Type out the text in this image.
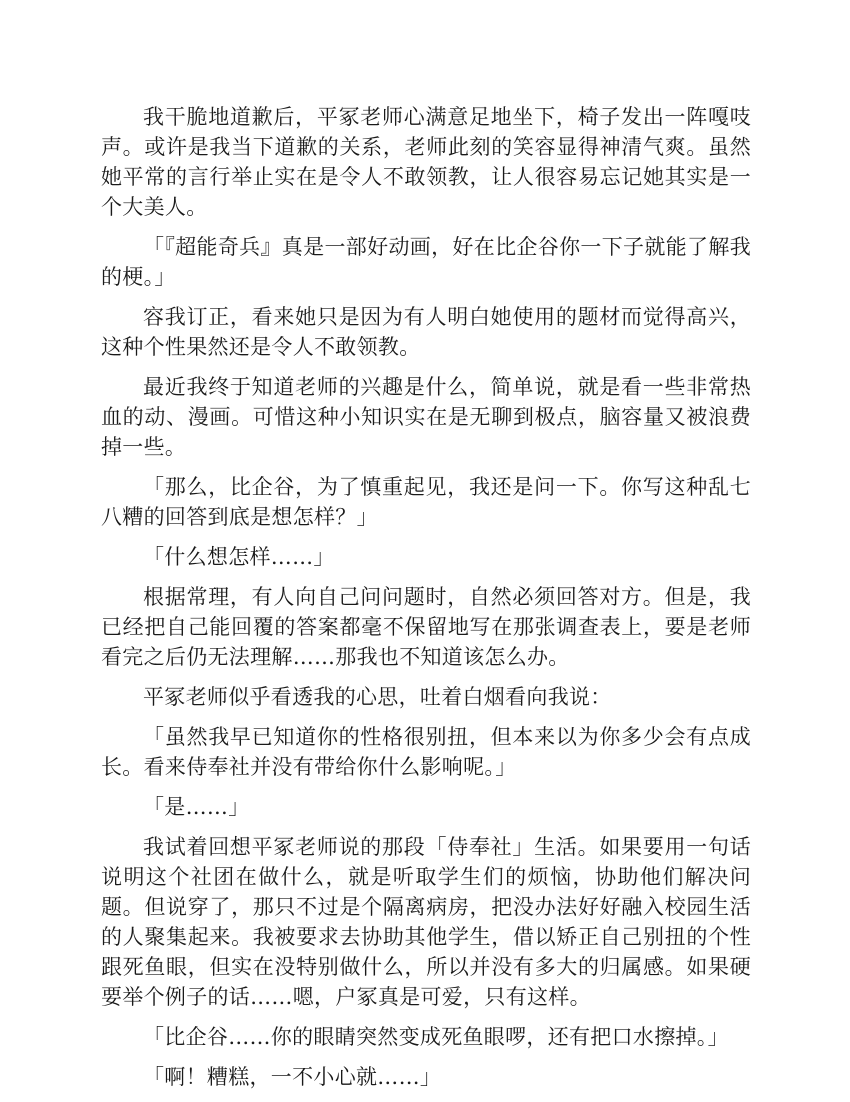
我干脆地道歉后，平冢老师心满意足地坐下，椅子发出一阵嘎吱声。或许是我当下道歉的关系，老师此刻的笑容显得神清气爽。虽然她平常的言行举止实在是令人不敢领教，让人很容易忘记她其实是一个大美人。

「『超能奇兵』真是一部好动画，好在比企谷你一下子就能了解我的梗。」

容我订正，看来她只是因为有人明白她使用的题材而觉得高兴，这种个性果然还是令人不敢领教。

最近我终于知道老师的兴趣是什么，简单说，就是看一些非常热血的动、漫画。可惜这种小知识实在是无聊到极点，脑容量又被浪费掉一些。

「那么，比企谷，为了慎重起见，我还是问一下。你写这种乱七八糟的回答到底是想怎样？」

「什么想怎样……」

根据常理，有人向自己问问题时，自然必须回答对方。但是，我已经把自己能回覆的答案都毫不保留地写在那张调查表上，要是老师看完之后仍无法理解……那我也不知道该怎么办。

平冢老师似乎看透我的心思，吐着白烟看向我说：

「虽然我早已知道你的性格很别扭，但本来以为你多少会有点成长。看来侍奉社并没有带给你什么影响呢。」

「是……」

我试着回想平冢老师说的那段「侍奉社」生活。如果要用一句话说明这个社团在做什么，就是听取学生们的烦恼，协助他们解决问题。但说穿了，那只不过是个隔离病房，把没办法好好融入校园生活的人聚集起来。我被要求去协助其他学生，借以矫正自己别扭的个性跟死鱼眼，但实在没特别做什么，所以并没有多大的归属感。如果硬要举个例子的话……嗯，户冢真是可爱，只有这样。

「比企谷……你的眼睛突然变成死鱼眼啰，还有把口水擦掉。」

「啊！糟糕，一不小心就……」
